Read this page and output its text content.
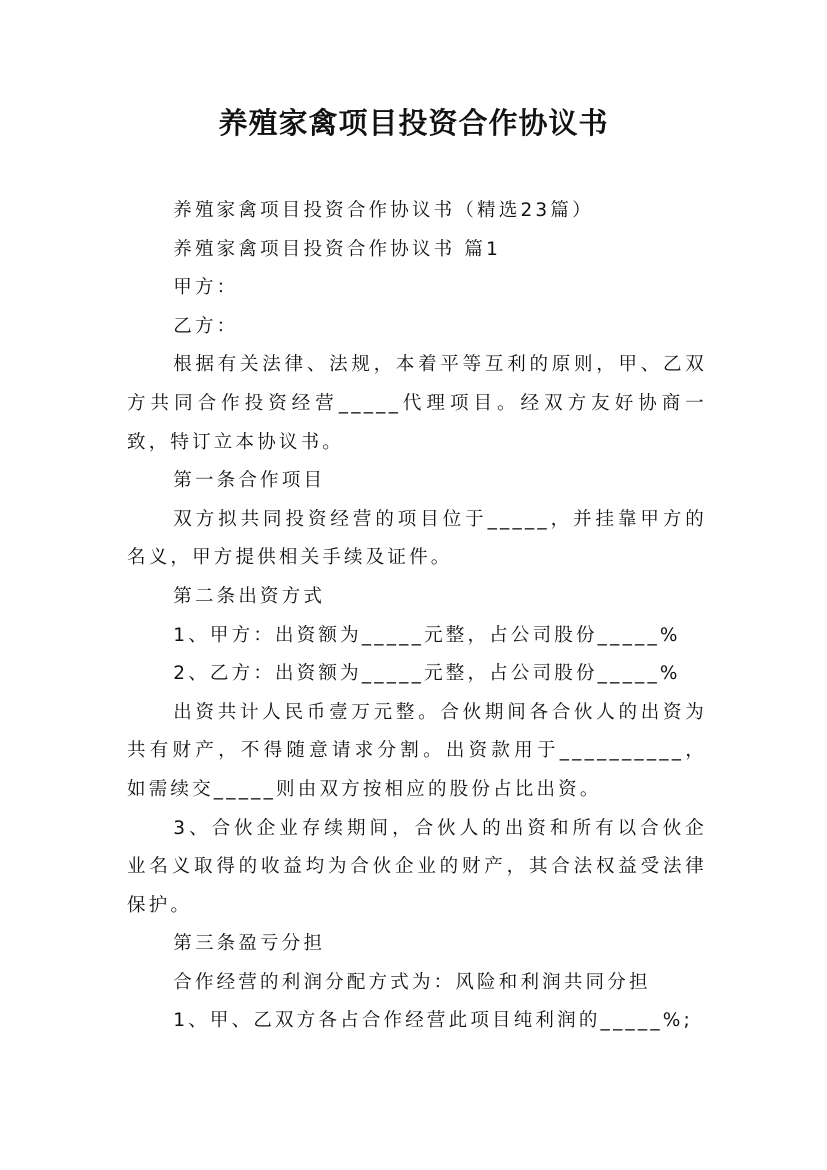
养殖家禽项目投资合作协议书

养殖家禽项目投资合作协议书（精选23篇）

养殖家禽项目投资合作协议书 篇1

甲方：

乙方：

根据有关法律、法规，本着平等互利的原则，甲、乙双方共同合作投资经营_____代理项目。经双方友好协商一致，特订立本协议书。

第一条合作项目

双方拟共同投资经营的项目位于_____，并挂靠甲方的名义，甲方提供相关手续及证件。

第二条出资方式

1、甲方：出资额为_____元整，占公司股份_____%

2、乙方：出资额为_____元整，占公司股份_____%

出资共计人民币壹万元整。合伙期间各合伙人的出资为共有财产，不得随意请求分割。出资款用于__________，如需续交_____则由双方按相应的股份占比出资。

3、合伙企业存续期间，合伙人的出资和所有以合伙企业名义取得的收益均为合伙企业的财产，其合法权益受法律保护。

第三条盈亏分担

合作经营的利润分配方式为：风险和利润共同分担

1、甲、乙双方各占合作经营此项目纯利润的_____%;
